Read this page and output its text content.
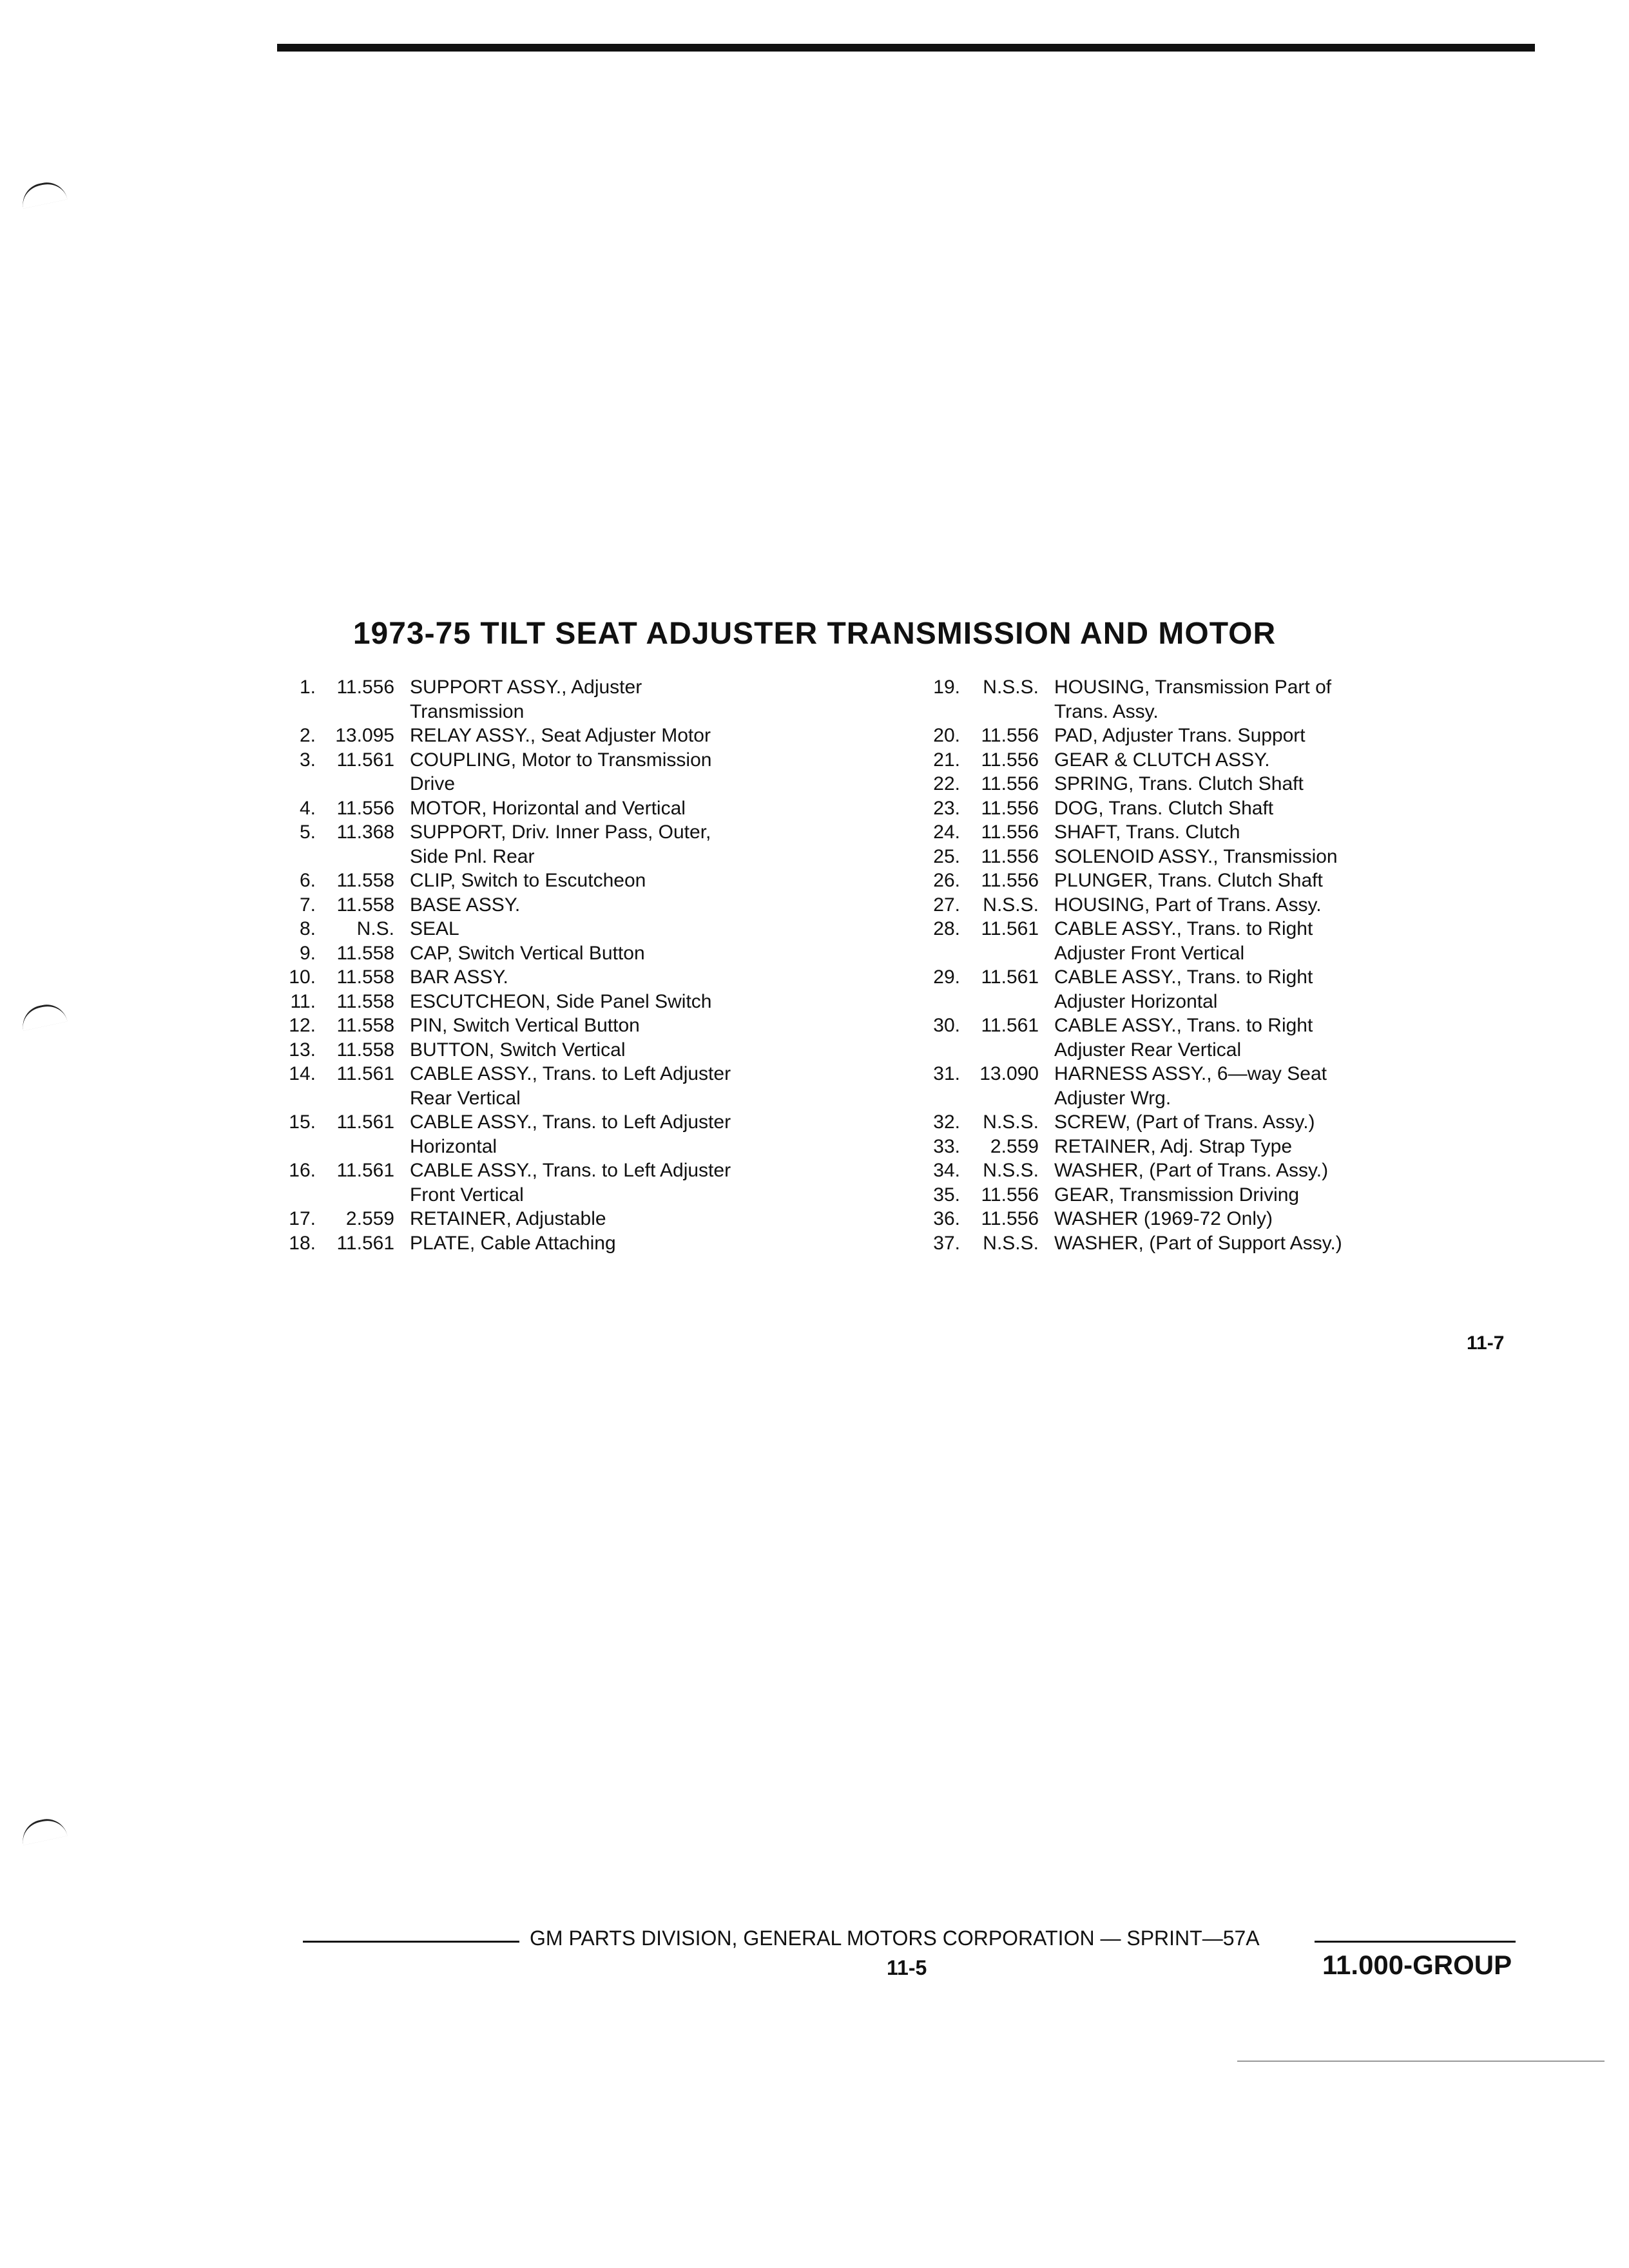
1973-75 TILT SEAT ADJUSTER TRANSMISSION AND MOTOR
1.	11.556 SUPPORT ASSY., Adjuster
Transmission
2.	13.095 RELAY ASSY., Seat Adjuster Motor
3.	11.561 COUPLING, Motor to Transmission
Drive
4.	11.556 MOTOR, Horizontal and Vertical
5.	11.368 SUPPORT, Driv. Inner Pass, Outer,
Side Pnl. Rear
6.	11.558 CLIP, Switch to Escutcheon
7.	11.558 BASE ASSY.
8.	N.S. SEAL
9.	11.558 CAP, Switch Vertical Button
10.	11.558 BAR ASSY.
11.	11.558 ESCUTCHEON, Side Panel Switch
12.	11.558 PIN, Switch Vertical Button
13.	11.558 BUTTON, Switch Vertical
14.	11.561 CABLE ASSY., Trans. to Left Adjuster
Rear Vertical
15.	11.561 CABLE ASSY., Trans. to Left Adjuster
Horizontal
16.	11.561 CABLE ASSY., Trans. to Left Adjuster
Front Vertical
17.	2.559 RETAINER, Adjustable
18.	11.561 PLATE, Cable Attaching
19.	N.S.S. HOUSING, Transmission Part of
Trans. Assy.
20.	11.556 PAD, Adjuster Trans. Support
21.	11.556 GEAR & CLUTCH ASSY.
22.	11.556 SPRING, Trans. Clutch Shaft
23.	11.556 DOG, Trans. Clutch Shaft
24.	11.556 SHAFT, Trans. Clutch
25.	11.556 SOLENOID ASSY., Transmission
26.	11.556 PLUNGER, Trans. Clutch Shaft
27.	N.S.S. HOUSING, Part of Trans. Assy.
28.	11.561 CABLE ASSY., Trans. to Right
Adjuster Front Vertical
29.	11.561 CABLE ASSY., Trans. to Right
Adjuster Horizontal
30.	11.561 CABLE ASSY., Trans. to Right
Adjuster Rear Vertical
31.	13.090 HARNESS ASSY., 6—way Seat
Adjuster Wrg.
32.	N.S.S. SCREW, (Part of Trans. Assy.)
33.	2.559 RETAINER, Adj. Strap Type
34.	N.S.S. WASHER, (Part of Trans. Assy.)
35.	11.556 GEAR, Transmission Driving
36.	11.556 WASHER (1969-72 Only)
37.	N.S.S. WASHER, (Part of Support Assy.)
11-7
GM PARTS DIVISION, GENERAL MOTORS CORPORATION — SPRINT—57A
11-5	11.000-GROUP
